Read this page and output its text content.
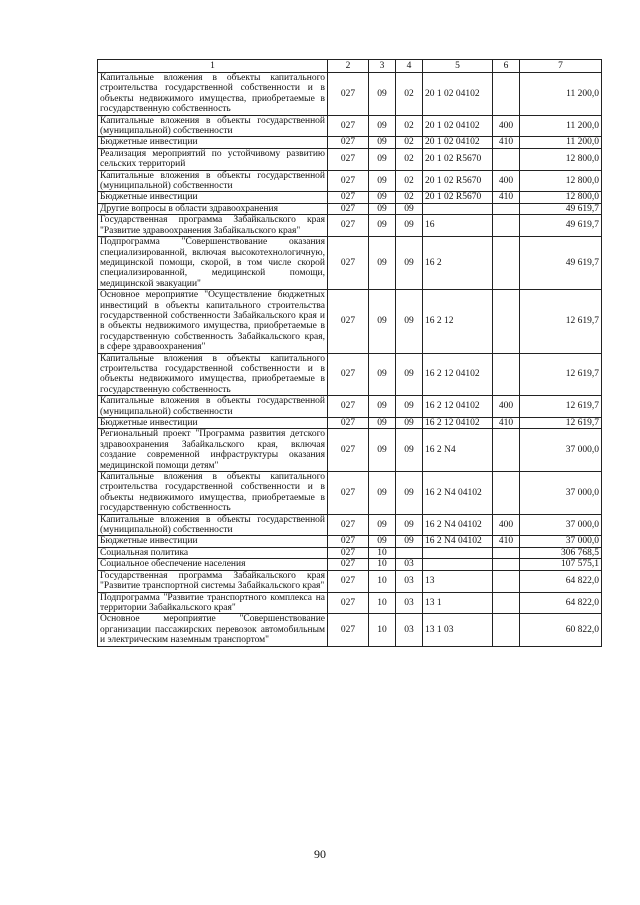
1	2	3	4	5	6	7
Капитальные вложения в объекты капитального строительства государственной собственности и в объекты недвижимого имущества, приобретаемые в государственную собственность	027	09	02	20 1 02 04102		11 200,0
Капитальные вложения в объекты государственной (муниципальной) собственности	027	09	02	20 1 02 04102	400	11 200,0
Бюджетные инвестиции	027	09	02	20 1 02 04102	410	11 200,0
Реализация мероприятий по устойчивому развитию сельских территорий	027	09	02	20 1 02 R5670		12 800,0
Капитальные вложения в объекты государственной (муниципальной) собственности	027	09	02	20 1 02 R5670	400	12 800,0
Бюджетные инвестиции	027	09	02	20 1 02 R5670	410	12 800,0
Другие вопросы в области здравоохранения	027	09	09			49 619,7
Государственная программа Забайкальского края "Развитие здравоохранения Забайкальского края"	027	09	09	16		49 619,7
Подпрограмма "Совершенствование оказания специализированной, включая высокотехнологичную, медицинской помощи, скорой, в том числе скорой специализированной, медицинской помощи, медицинской эвакуации"	027	09	09	16 2		49 619,7
Основное мероприятие "Осуществление бюджетных инвестиций в объекты капитального строительства государственной собственности Забайкальского края и в объекты недвижимого имущества, приобретаемые в государственную собственность Забайкальского края, в сфере здравоохранения"	027	09	09	16 2 12		12 619,7
Капитальные вложения в объекты капитального строительства государственной собственности и в объекты недвижимого имущества, приобретаемые в государственную собственность	027	09	09	16 2 12 04102		12 619,7
Капитальные вложения в объекты государственной (муниципальной) собственности	027	09	09	16 2 12 04102	400	12 619,7
Бюджетные инвестиции	027	09	09	16 2 12 04102	410	12 619,7
Региональный проект "Программа развития детского здравоохранения Забайкальского края, включая создание современной инфраструктуры оказания медицинской помощи детям"	027	09	09	16 2 N4		37 000,0
Капитальные вложения в объекты капитального строительства государственной собственности и в объекты недвижимого имущества, приобретаемые в государственную собственность	027	09	09	16 2 N4 04102		37 000,0
Капитальные вложения в объекты государственной (муниципальной) собственности	027	09	09	16 2 N4 04102	400	37 000,0
Бюджетные инвестиции	027	09	09	16 2 N4 04102	410	37 000,0
Социальная политика	027	10				306 768,5
Социальное обеспечение населения	027	10	03			107 575,1
Государственная программа Забайкальского края "Развитие транспортной системы Забайкальского края"	027	10	03	13		64 822,0
Подпрограмма "Развитие транспортного комплекса на территории Забайкальского края"	027	10	03	13 1		64 822,0
Основное мероприятие "Совершенствование организации пассажирских перевозок автомобильным и электрическим наземным транспортом"	027	10	03	13 1 03		60 822,0
90
